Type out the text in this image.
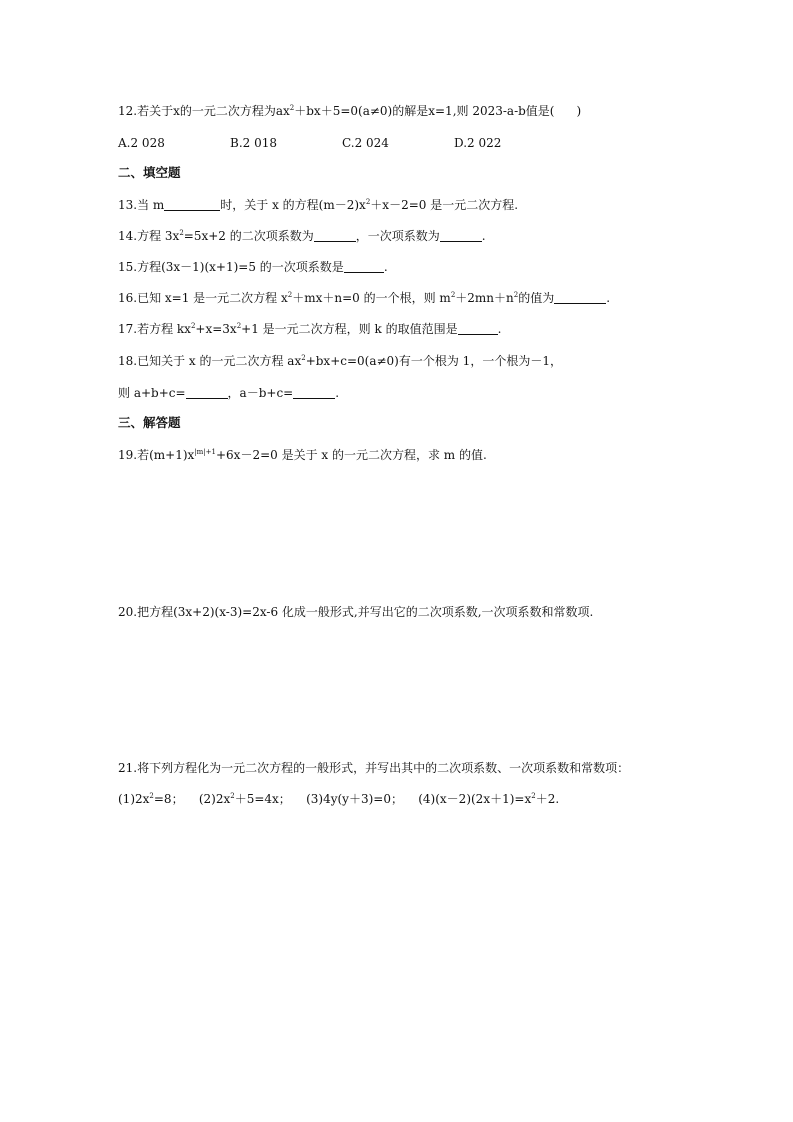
12.若关于x的一元二次方程为$ax^2+bx+5=0(a\ne 0)$的解是x=1,则 2023-a-b值是( )
A.2 028	B.2 018	C.2 024	D.2 022
二、填空题
13.当 m	时，关于 x 的方程$(m-2)x^2+x-2=0$ 是一元二次方程.
14.方程 $3x^2=5x+2$ 的二次项系数为	，一次项系数为	.
15.方程(3x－1)(x+1)=5 的一次项系数是	.
16.已知 x=1 是一元二次方程 $x^2+mx+n=0$ 的一个根，则 $m^2+2mn+n^2$的值为	.
17.若方程 $kx^2+x=3x^2+1$ 是一元二次方程，则 k 的取值范围是	.
18.已知关于 x 的一元二次方程 $ax^2+bx+c=0(a\ne 0)$有一个根为 1，一个根为－1，
则 a+b+c=	，a－b+c=	.
三、解答题
19.若$(m+1)x^{|m|+1}+6x-2=0$ 是关于 x 的一元二次方程，求 m 的值.
20.把方程(3x+2)(x-3)=2x-6 化成一般形式,并写出它的二次项系数,一次项系数和常数项.
21.将下列方程化为一元二次方程的一般形式，并写出其中的二次项系数、一次项系数和常数项：
$(1)2x^2=8$； $(2)2x^2+5=4x$； (3)4y(y＋3)=0； $(4)(x-2)(2x+1)=x^2+2$.
